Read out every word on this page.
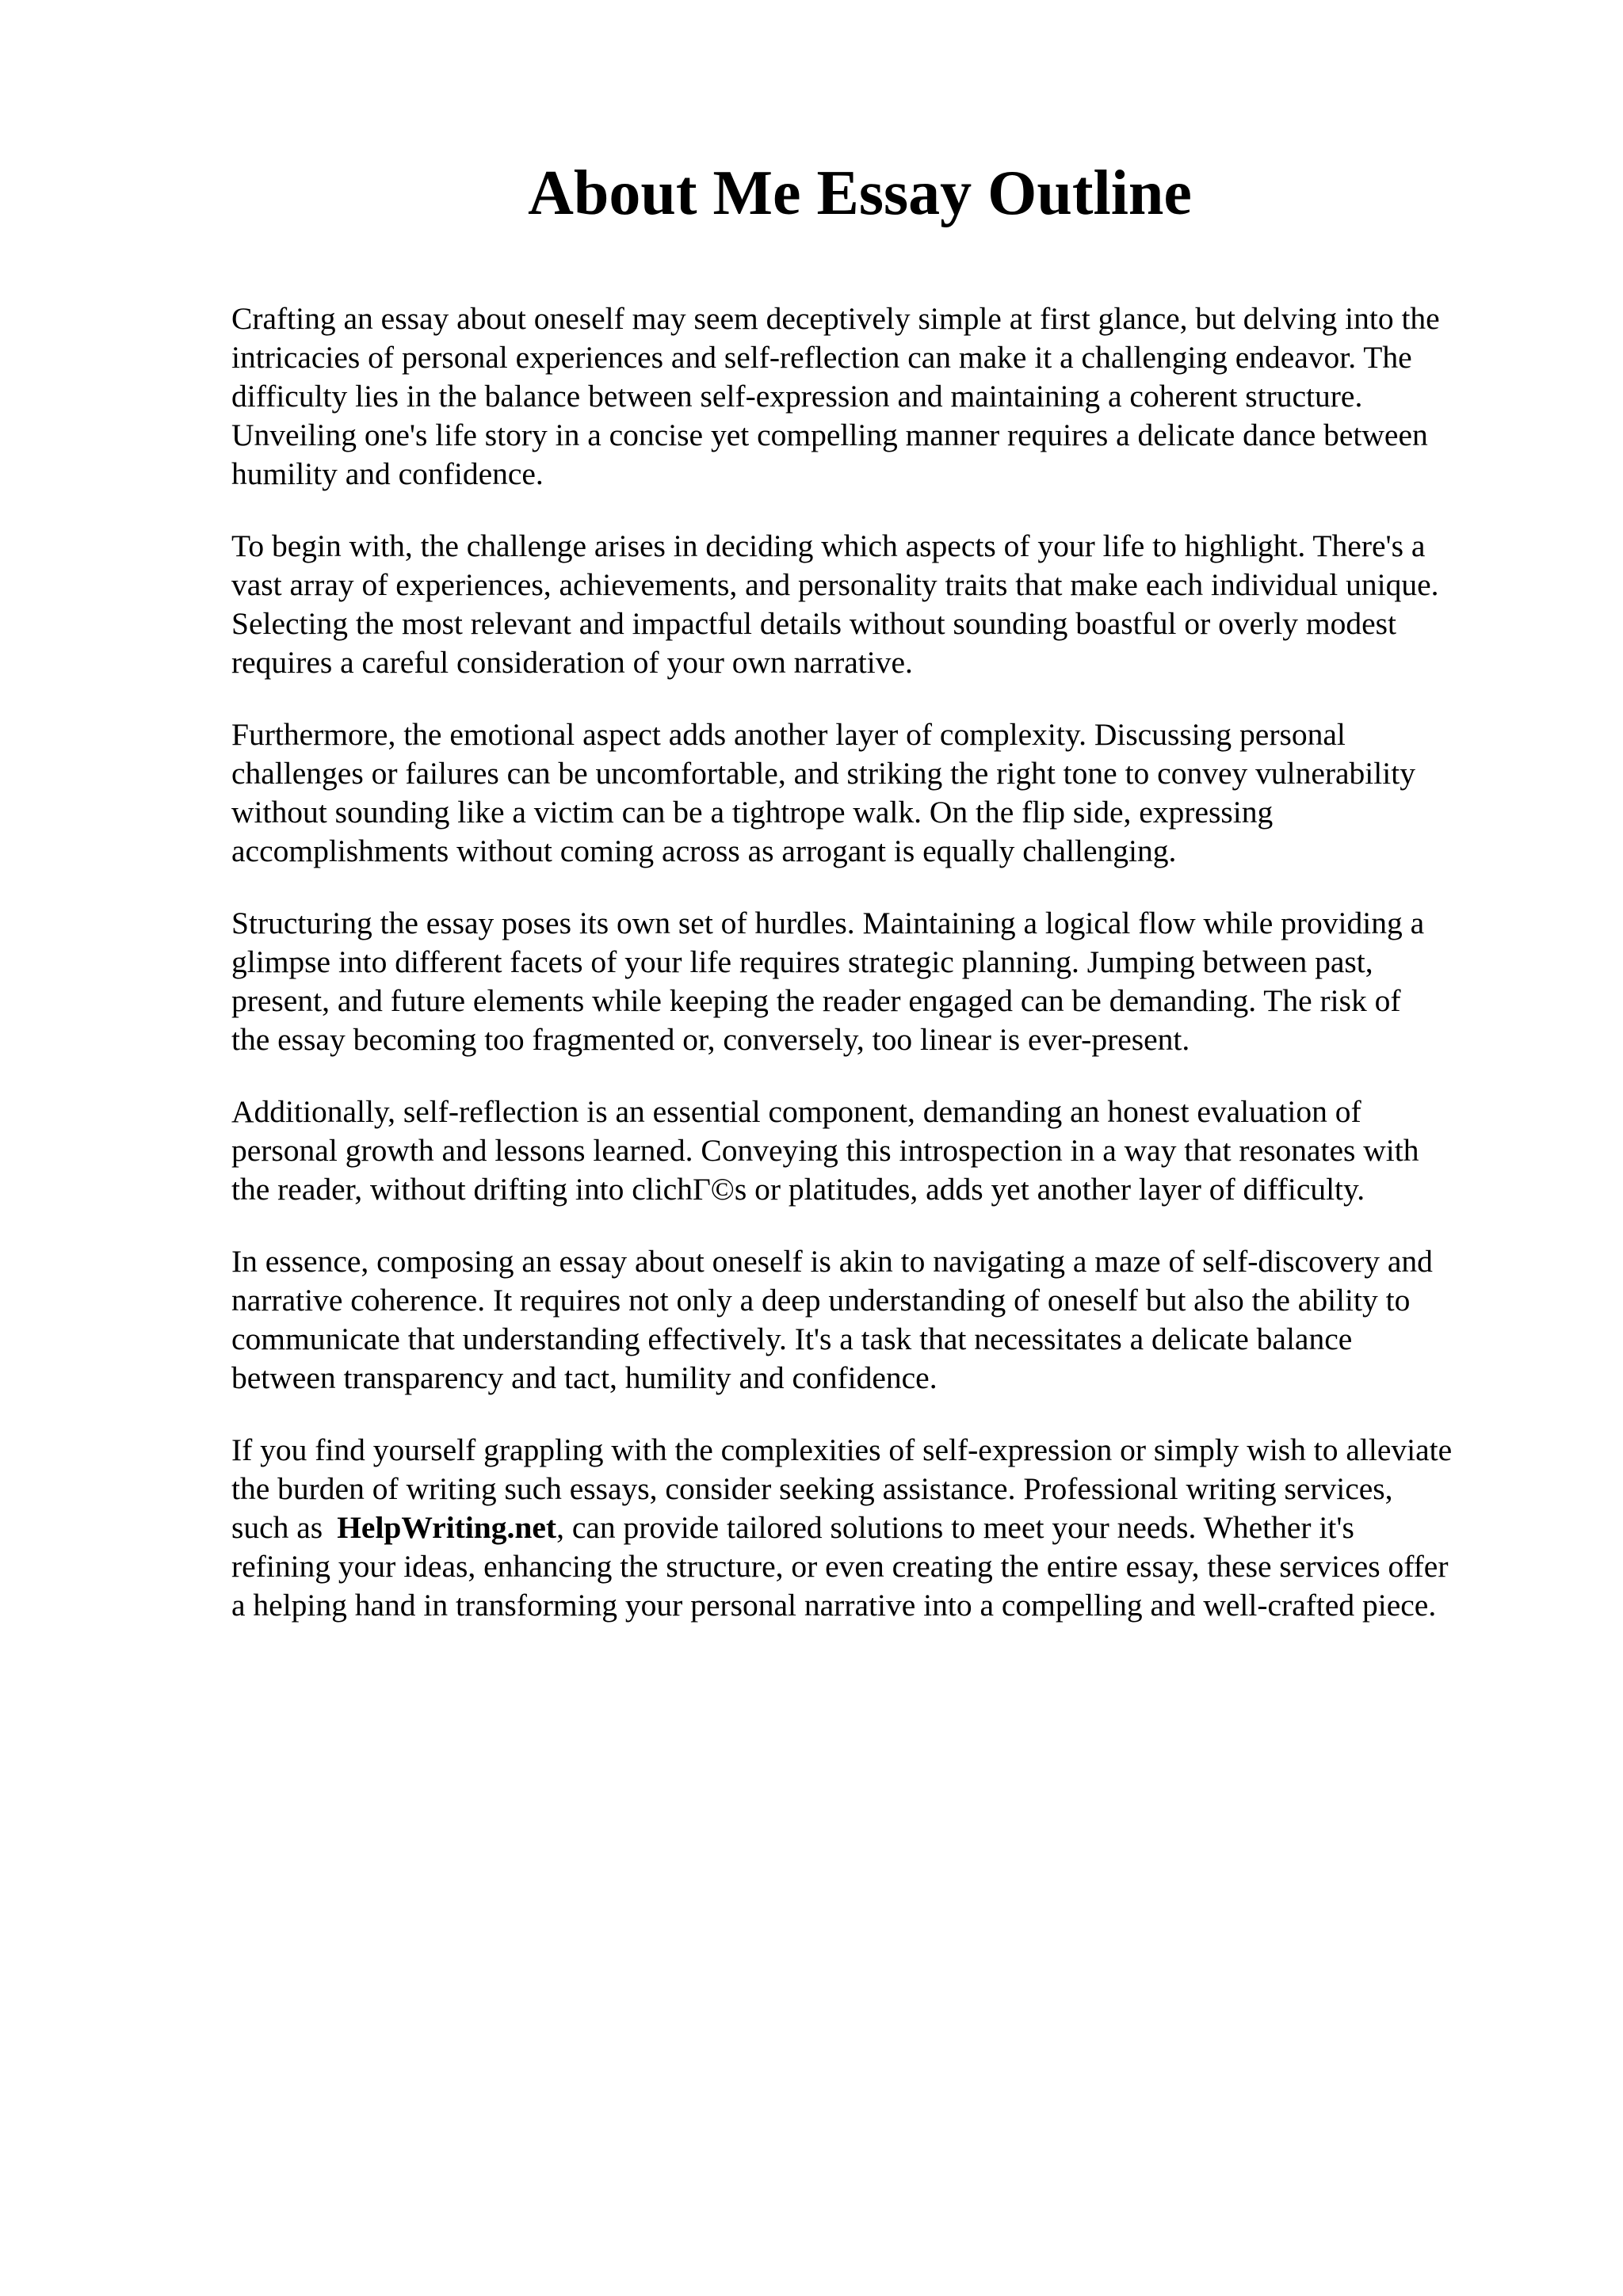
About Me Essay Outline

Crafting an essay about oneself may seem deceptively simple at first glance, but delving into the
intricacies of personal experiences and self-reflection can make it a challenging endeavor. The
difficulty lies in the balance between self-expression and maintaining a coherent structure.
Unveiling one's life story in a concise yet compelling manner requires a delicate dance between
humility and confidence.

To begin with, the challenge arises in deciding which aspects of your life to highlight. There's a
vast array of experiences, achievements, and personality traits that make each individual unique.
Selecting the most relevant and impactful details without sounding boastful or overly modest
requires a careful consideration of your own narrative.

Furthermore, the emotional aspect adds another layer of complexity. Discussing personal
challenges or failures can be uncomfortable, and striking the right tone to convey vulnerability
without sounding like a victim can be a tightrope walk. On the flip side, expressing
accomplishments without coming across as arrogant is equally challenging.

Structuring the essay poses its own set of hurdles. Maintaining a logical flow while providing a
glimpse into different facets of your life requires strategic planning. Jumping between past,
present, and future elements while keeping the reader engaged can be demanding. The risk of
the essay becoming too fragmented or, conversely, too linear is ever-present.

Additionally, self-reflection is an essential component, demanding an honest evaluation of
personal growth and lessons learned. Conveying this introspection in a way that resonates with
the reader, without drifting into clichГ©s or platitudes, adds yet another layer of difficulty.

In essence, composing an essay about oneself is akin to navigating a maze of self-discovery and
narrative coherence. It requires not only a deep understanding of oneself but also the ability to
communicate that understanding effectively. It's a task that necessitates a delicate balance
between transparency and tact, humility and confidence.

If you find yourself grappling with the complexities of self-expression or simply wish to alleviate
the burden of writing such essays, consider seeking assistance. Professional writing services,
such as HelpWriting.net, can provide tailored solutions to meet your needs. Whether it's
refining your ideas, enhancing the structure, or even creating the entire essay, these services offer
a helping hand in transforming your personal narrative into a compelling and well-crafted piece.
